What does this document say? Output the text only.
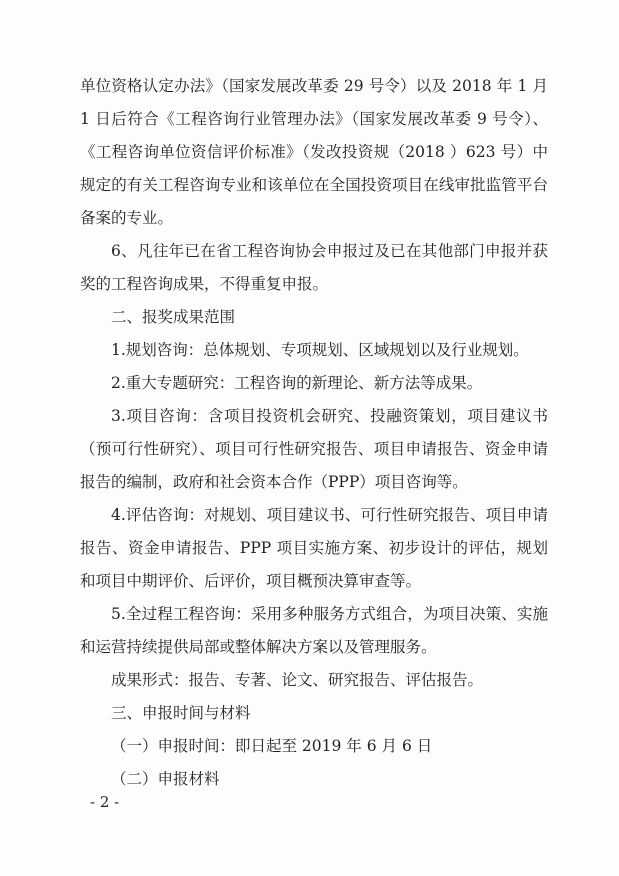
单位资格认定办法》（国家发展改革委 29 号令）以及 2018 年 1 月 1 日后符合《工程咨询行业管理办法》（国家发展改革委 9 号令）、《工程咨询单位资信评价标准》（发改投资规（2018 ）623 号）中规定的有关工程咨询专业和该单位在全国投资项目在线审批监管平台备案的专业。

6、凡往年已在省工程咨询协会申报过及已在其他部门申报并获奖的工程咨询成果，不得重复申报。

二、报奖成果范围

1.规划咨询：总体规划、专项规划、区域规划以及行业规划。

2.重大专题研究：工程咨询的新理论、新方法等成果。

3.项目咨询：含项目投资机会研究、投融资策划，项目建议书（预可行性研究）、项目可行性研究报告、项目申请报告、资金申请报告的编制，政府和社会资本合作（PPP）项目咨询等。

4.评估咨询：对规划、项目建议书、可行性研究报告、项目申请报告、资金申请报告、PPP 项目实施方案、初步设计的评估，规划和项目中期评价、后评价，项目概预决算审查等。

5.全过程工程咨询：采用多种服务方式组合，为项目决策、实施和运营持续提供局部或整体解决方案以及管理服务。

成果形式：报告、专著、论文、研究报告、评估报告。

三、申报时间与材料

（一）申报时间：即日起至 2019 年 6 月 6 日

（二）申报材料

- 2 -
